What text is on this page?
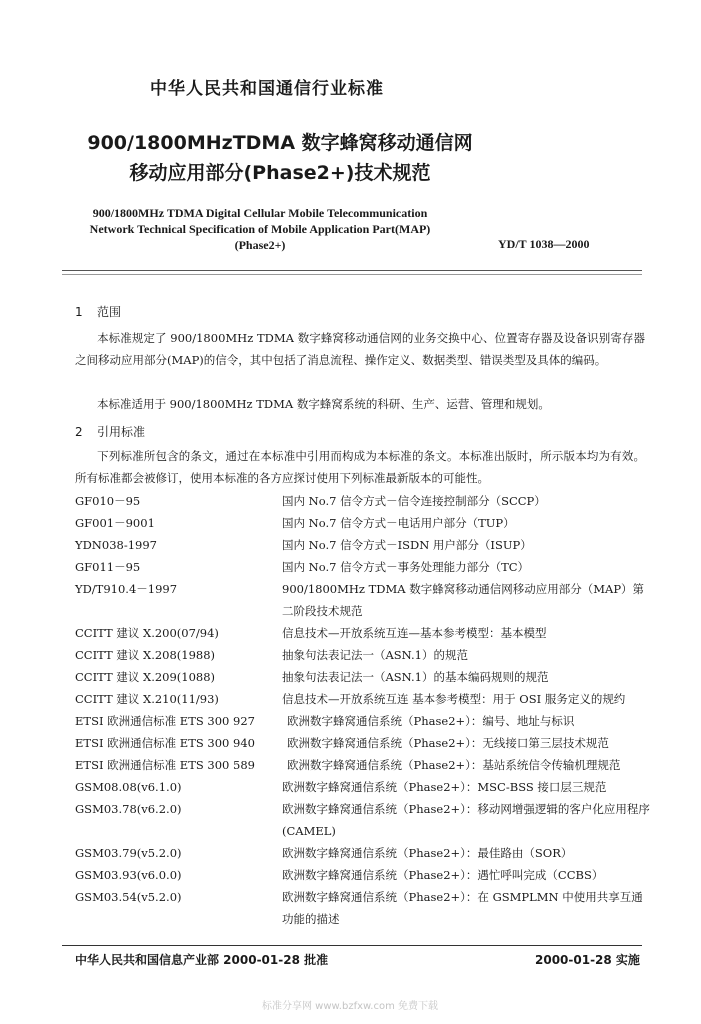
中华人民共和国通信行业标准
900/1800MHzTDMA 数字蜂窝移动通信网
移动应用部分(Phase2+)技术规范
900/1800MHz TDMA Digital Cellular Mobile Telecommunication
Network Technical Specification of Mobile Application Part(MAP)
(Phase2+)	YD/T 1038—2000
1 范围
本标准规定了 900/1800MHz TDMA 数字蜂窝移动通信网的业务交换中心、位置寄存器及设备识别寄存器之间移动应用部分(MAP)的信令，其中包括了消息流程、操作定义、数据类型、错误类型及具体的编码。
本标准适用于 900/1800MHz TDMA 数字蜂窝系统的科研、生产、运营、管理和规划。
2 引用标准
下列标准所包含的条文，通过在本标准中引用而构成为本标准的条文。本标准出版时，所示版本均为有效。所有标准都会被修订，使用本标准的各方应探讨使用下列标准最新版本的可能性。
GF010－95	国内 No.7 信令方式－信令连接控制部分（SCCP）
GF001－9001	国内 No.7 信令方式－电话用户部分（TUP）
YDN038-1997	国内 No.7 信令方式－ISDN 用户部分（ISUP）
GF011－95	国内 No.7 信令方式－事务处理能力部分（TC）
YD/T910.4－1997	900/1800MHz TDMA 数字蜂窝移动通信网移动应用部分（MAP）第二阶段技术规范
CCITT 建议 X.200(07/94)	信息技术—开放系统互连—基本参考模型：基本模型
CCITT 建议 X.208(1988)	抽象句法表记法一（ASN.1）的规范
CCITT 建议 X.209(1088)	抽象句法表记法一（ASN.1）的基本编码规则的规范
CCITT 建议 X.210(11/93)	信息技术—开放系统互连 基本参考模型：用于 OSI 服务定义的规约
ETSI 欧洲通信标准 ETS 300 927	欧洲数字蜂窝通信系统（Phase2+）：编号、地址与标识
ETSI 欧洲通信标准 ETS 300 940	欧洲数字蜂窝通信系统（Phase2+）：无线接口第三层技术规范
ETSI 欧洲通信标准 ETS 300 589	欧洲数字蜂窝通信系统（Phase2+）：基站系统信令传输机理规范
GSM08.08(v6.1.0)	欧洲数字蜂窝通信系统（Phase2+）：MSC-BSS 接口层三规范
GSM03.78(v6.2.0)	欧洲数字蜂窝通信系统（Phase2+）：移动网增强逻辑的客户化应用程序(CAMEL)
GSM03.79(v5.2.0)	欧洲数字蜂窝通信系统（Phase2+）：最佳路由（SOR）
GSM03.93(v6.0.0)	欧洲数字蜂窝通信系统（Phase2+）：遇忙呼叫完成（CCBS）
GSM03.54(v5.2.0)	欧洲数字蜂窝通信系统（Phase2+）：在 GSMPLMN 中使用共享互通功能的描述
中华人民共和国信息产业部 2000-01-28 批准	2000-01-28 实施
标准分享网 www.bzfxw.com 免费下载
